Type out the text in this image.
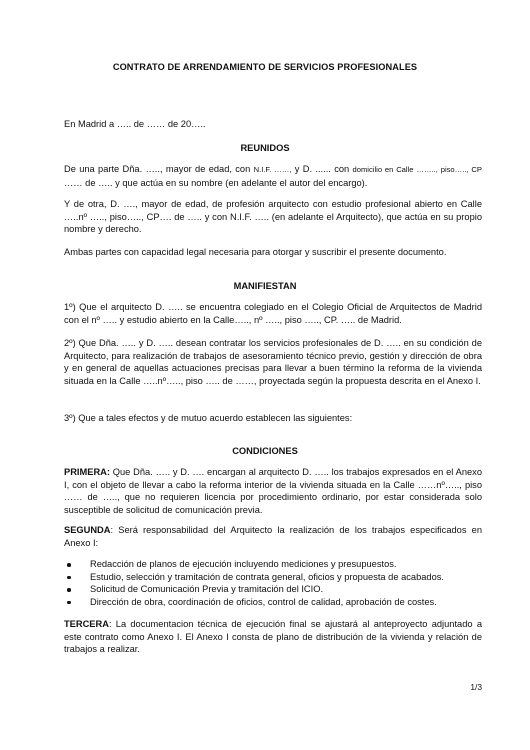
CONTRATO DE ARRENDAMIENTO DE SERVICIOS PROFESIONALES
En Madrid a ….. de …… de 20…..
REUNIDOS
De una parte Dña. ….., mayor de edad, con N.I.F. ……, y D. ...... con domicilio en Calle …….., piso….., CP …… de ….. y que actúa en su nombre (en adelante el autor del encargo).
Y de otra, D. …., mayor de edad, de profesión arquitecto con estudio profesional abierto en Calle …..nº ….., piso….., CP…. de ….. y con N.I.F. ….. (en adelante el Arquitecto), que actúa en su propio nombre y derecho.
Ambas partes con capacidad legal necesaria para otorgar y suscribir el presente documento.
MANIFIESTAN
1º) Que el arquitecto D. ….. se encuentra colegiado en el Colegio Oficial de Arquitectos de Madrid con el nº ….. y estudio abierto en la Calle….., nº ….., piso ….., CP. ….. de Madrid.
2º) Que Dña. ….. y D. ….. desean contratar los servicios profesionales de D. ….. en su condición de Arquitecto, para realización de trabajos de asesoramiento técnico previo, gestión y dirección de obra y en general de aquellas actuaciones precisas para llevar a buen término la reforma de la vivienda situada en la Calle …..nº….., piso ….. de ……, proyectada según la propuesta descrita en el Anexo I.
3º) Que a tales efectos y de mutuo acuerdo establecen las siguientes:
CONDICIONES
PRIMERA: Que Dña. ….. y D. …. encargan al arquitecto D. ….. los trabajos expresados en el Anexo I, con el objeto de llevar a cabo la reforma interior de la vivienda situada en la Calle ……nº….., piso …… de ….., que no requieren licencia por procedimiento ordinario, por estar considerada solo susceptible de solicitud de comunicación previa.
SEGUNDA: Será responsabilidad del Arquitecto la realización de los trabajos especificados en Anexo I:
Redacción de planos de ejecución incluyendo mediciones y presupuestos.
Estudio, selección y tramitación de contrata general, oficios y propuesta de acabados.
Solicitud de Comunicación Previa y tramitación del ICIO.
Dirección de obra, coordinación de oficios, control de calidad, aprobación de costes.
TERCERA: La documentacion técnica de ejecución final se ajustará al anteproyecto adjuntado a este contrato como Anexo I. El Anexo I consta de plano de distribución de la vivienda y relación de trabajos a realizar.
1/3
